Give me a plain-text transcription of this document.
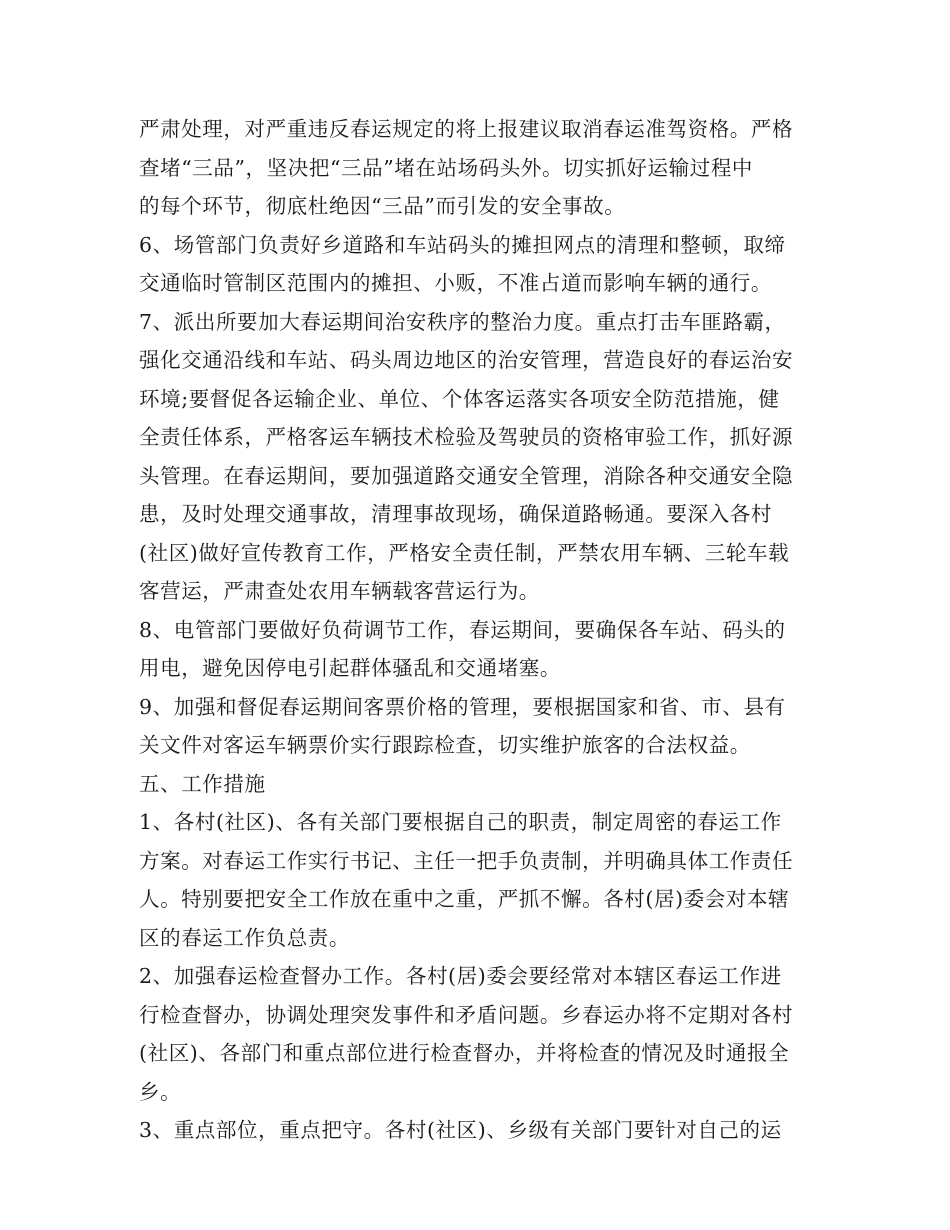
严肃处理，对严重违反春运规定的将上报建议取消春运准驾资格。严格
查堵“三品”，坚决把“三品”堵在站场码头外。切实抓好运输过程中
的每个环节，彻底杜绝因“三品”而引发的安全事故。
6、场管部门负责好乡道路和车站码头的摊担网点的清理和整顿，取缔
交通临时管制区范围内的摊担、小贩，不准占道而影响车辆的通行。
7、派出所要加大春运期间治安秩序的整治力度。重点打击车匪路霸，
强化交通沿线和车站、码头周边地区的治安管理，营造良好的春运治安
环境;要督促各运输企业、单位、个体客运落实各项安全防范措施，健
全责任体系，严格客运车辆技术检验及驾驶员的资格审验工作，抓好源
头管理。在春运期间，要加强道路交通安全管理，消除各种交通安全隐
患，及时处理交通事故，清理事故现场，确保道路畅通。要深入各村
(社区)做好宣传教育工作，严格安全责任制，严禁农用车辆、三轮车载
客营运，严肃查处农用车辆载客营运行为。
8、电管部门要做好负荷调节工作，春运期间，要确保各车站、码头的
用电，避免因停电引起群体骚乱和交通堵塞。
9、加强和督促春运期间客票价格的管理，要根据国家和省、市、县有
关文件对客运车辆票价实行跟踪检查，切实维护旅客的合法权益。
五、工作措施
1、各村(社区)、各有关部门要根据自己的职责，制定周密的春运工作
方案。对春运工作实行书记、主任一把手负责制，并明确具体工作责任
人。特别要把安全工作放在重中之重，严抓不懈。各村(居)委会对本辖
区的春运工作负总责。
2、加强春运检查督办工作。各村(居)委会要经常对本辖区春运工作进
行检查督办，协调处理突发事件和矛盾问题。乡春运办将不定期对各村
(社区)、各部门和重点部位进行检查督办，并将检查的情况及时通报全
乡。
3、重点部位，重点把守。各村(社区)、乡级有关部门要针对自己的运
